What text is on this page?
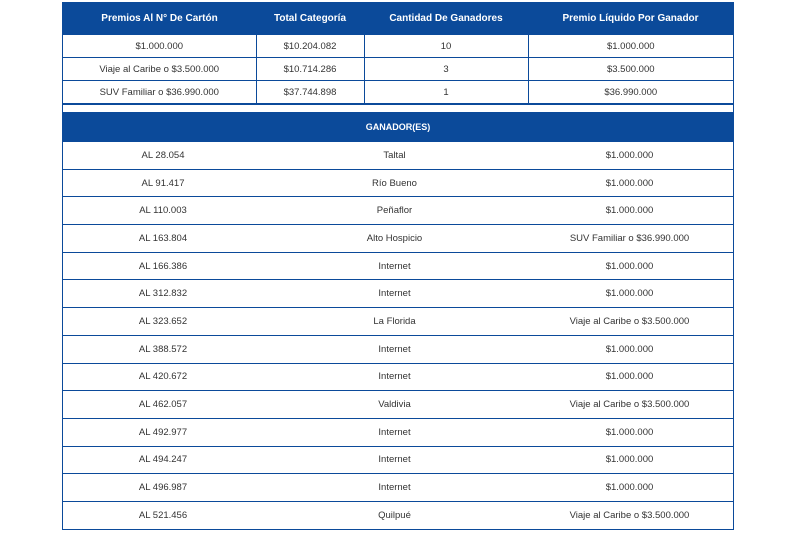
Premios Al N° De Cartón	Total Categoría	Cantidad De Ganadores	Premio Líquido Por Ganador
$1.000.000	$10.204.082	10	$1.000.000
Viaje al Caribe o $3.500.000	$10.714.286	3	$3.500.000
SUV Familiar o $36.990.000	$37.744.898	1	$36.990.000
GANADOR(ES)
AL 28.054	Taltal	$1.000.000
AL 91.417	Río Bueno	$1.000.000
AL 110.003	Peñaflor	$1.000.000
AL 163.804	Alto Hospicio	SUV Familiar o $36.990.000
AL 166.386	Internet	$1.000.000
AL 312.832	Internet	$1.000.000
AL 323.652	La Florida	Viaje al Caribe o $3.500.000
AL 388.572	Internet	$1.000.000
AL 420.672	Internet	$1.000.000
AL 462.057	Valdivia	Viaje al Caribe o $3.500.000
AL 492.977	Internet	$1.000.000
AL 494.247	Internet	$1.000.000
AL 496.987	Internet	$1.000.000
AL 521.456	Quilpué	Viaje al Caribe o $3.500.000
